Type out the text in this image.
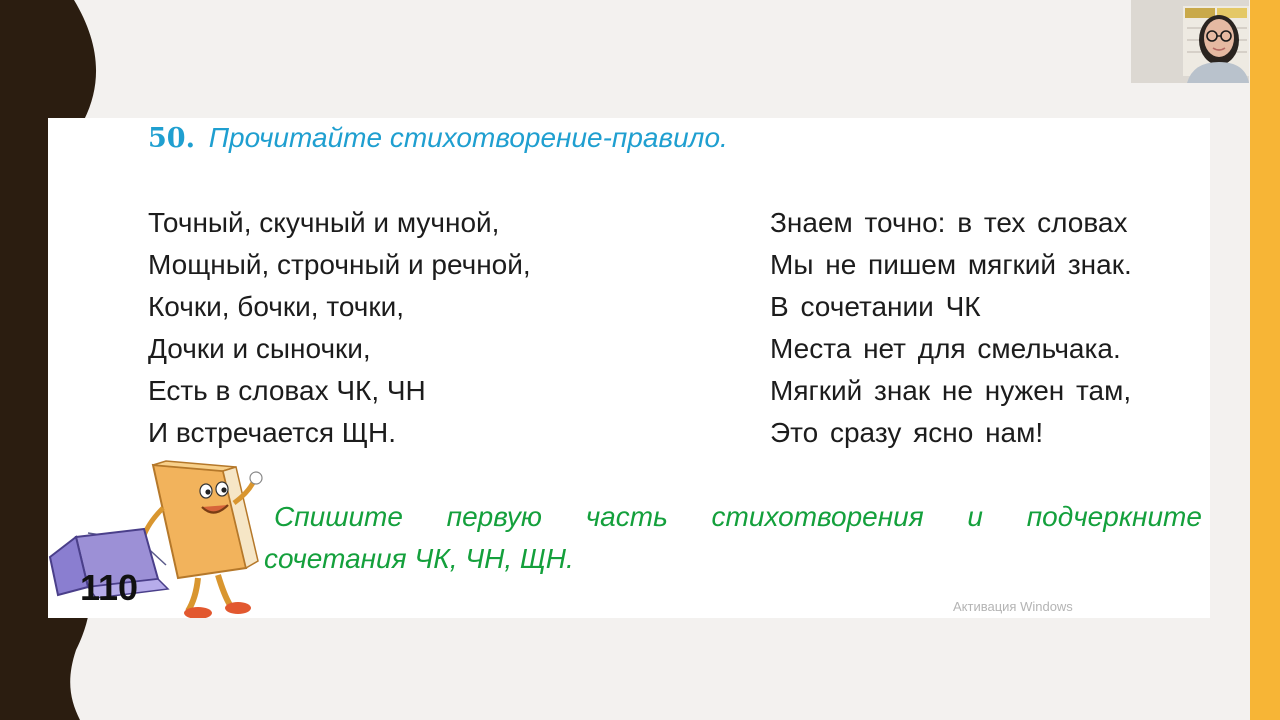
50. Прочитайте стихотворение-правило.
Точный, скучный и мучной,
Мощный, строчный и речной,
Кочки, бочки, точки,
Дочки и сыночки,
Есть в словах ЧК, ЧН
И встречается ЩН.
Знаем точно: в тех словах
Мы не пишем мягкий знак.
В сочетании ЧК
Места нет для смельчака.
Мягкий знак не нужен там,
Это сразу ясно нам!
110
Спишите первую часть стихотворения и подчеркните
сочетания ЧК, ЧН, ЩН.
Активация Windows
